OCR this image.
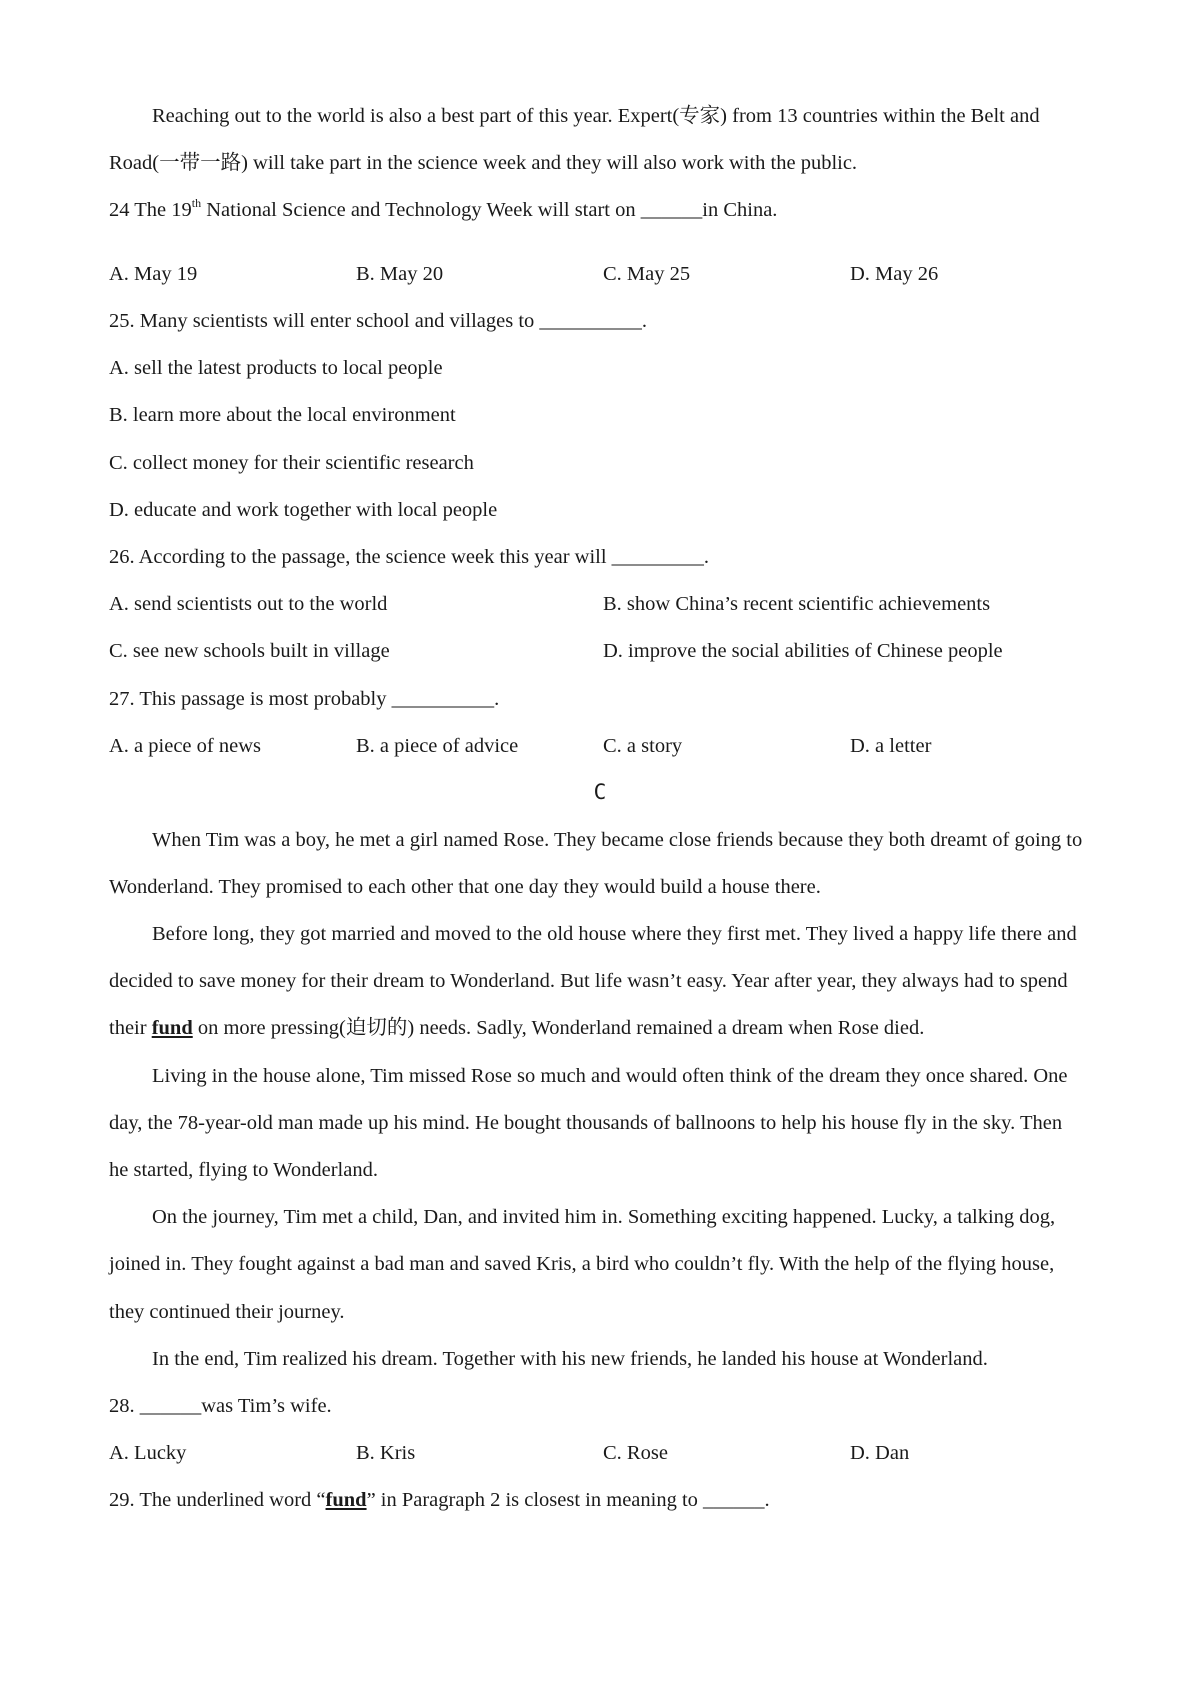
Reaching out to the world is also a best part of this year. Expert(专家) from 13 countries within the Belt and
Road(一带一路) will take part in the science week and they will also work with the public.
24 The 19th National Science and Technology Week will start on ______in China.
A. May 19	B. May 20	C. May 25	D. May 26
25. Many scientists will enter school and villages to __________.
A. sell the latest products to local people
B. learn more about the local environment
C. collect money for their scientific research
D. educate and work together with local people
26. According to the passage, the science week this year will _________.
A. send scientists out to the world	B. show China’s recent scientific achievements
C. see new schools built in village	D. improve the social abilities of Chinese people
27. This passage is most probably __________.
A. a piece of news	B. a piece of advice	C. a story	D. a letter
C
When Tim was a boy, he met a girl named Rose. They became close friends because they both dreamt of going to
Wonderland. They promised to each other that one day they would build a house there.
Before long, they got married and moved to the old house where they first met. They lived a happy life there and
decided to save money for their dream to Wonderland. But life wasn’t easy. Year after year, they always had to spend
their fund on more pressing(迫切的) needs. Sadly, Wonderland remained a dream when Rose died.
Living in the house alone, Tim missed Rose so much and would often think of the dream they once shared. One
day, the 78-year-old man made up his mind. He bought thousands of ballnoons to help his house fly in the sky. Then
he started, flying to Wonderland.
On the journey, Tim met a child, Dan, and invited him in. Something exciting happened. Lucky, a talking dog,
joined in. They fought against a bad man and saved Kris, a bird who couldn’t fly. With the help of the flying house,
they continued their journey.
In the end, Tim realized his dream. Together with his new friends, he landed his house at Wonderland.
28. ______was Tim’s wife.
A. Lucky	B. Kris	C. Rose	D. Dan
29. The underlined word “fund” in Paragraph 2 is closest in meaning to ______.
